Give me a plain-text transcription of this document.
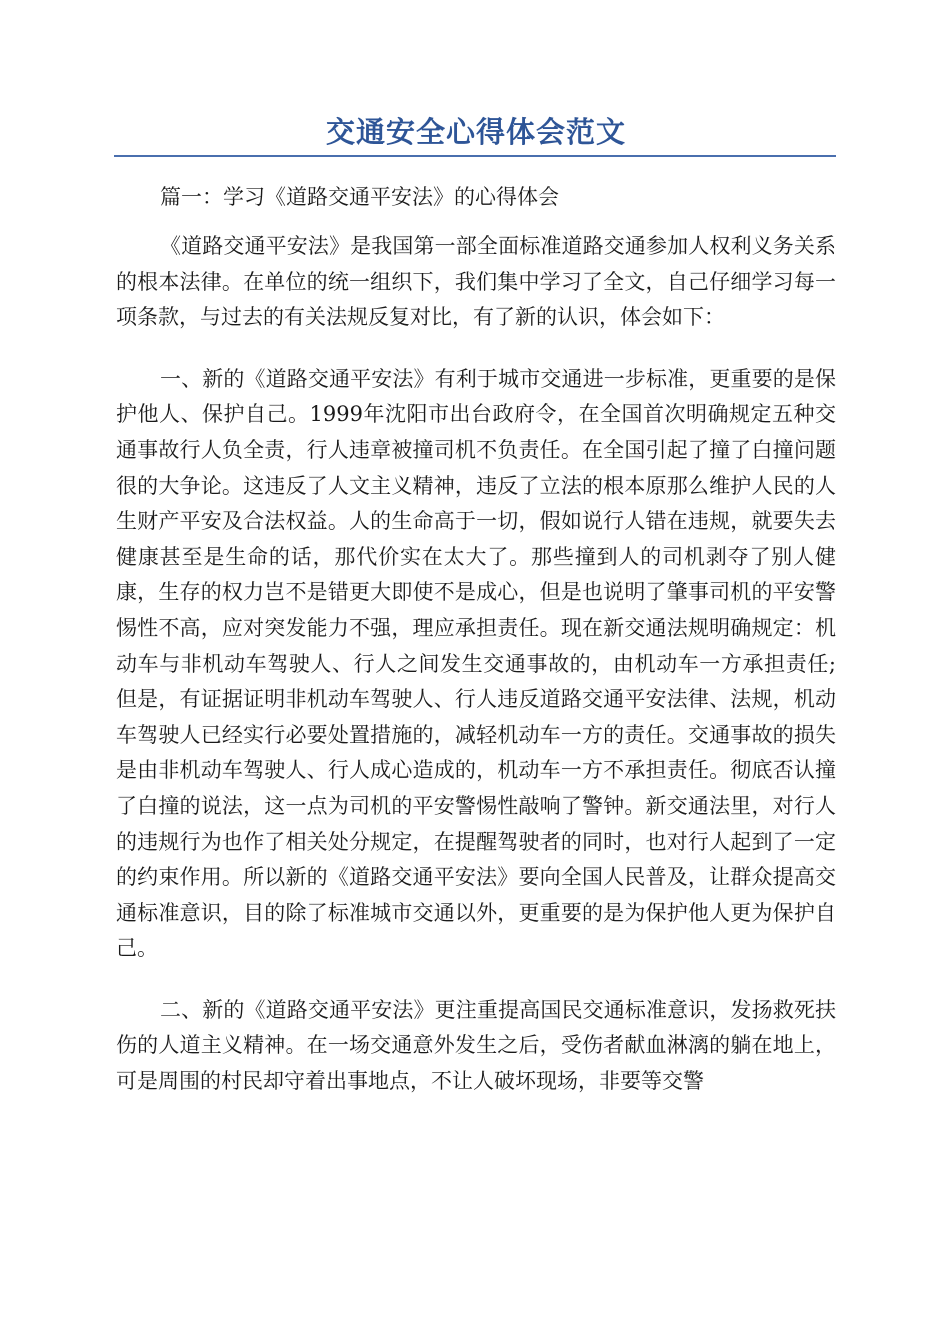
交通安全心得体会范文

篇一：学习《道路交通平安法》的心得体会

《道路交通平安法》是我国第一部全面标准道路交通参加人权利义务关系的根本法律。在单位的统一组织下，我们集中学习了全文，自己仔细学习每一项条款，与过去的有关法规反复对比，有了新的认识，体会如下：

一、新的《道路交通平安法》有利于城市交通进一步标准，更重要的是保护他人、保护自己。1999年沈阳市出台政府令，在全国首次明确规定五种交通事故行人负全责，行人违章被撞司机不负责任。在全国引起了撞了白撞问题很的大争论。这违反了人文主义精神，违反了立法的根本原那么维护人民的人生财产平安及合法权益。人的生命高于一切，假如说行人错在违规，就要失去健康甚至是生命的话，那代价实在太大了。那些撞到人的司机剥夺了别人健康，生存的权力岂不是错更大即使不是成心，但是也说明了肇事司机的平安警惕性不高，应对突发能力不强，理应承担责任。现在新交通法规明确规定：机动车与非机动车驾驶人、行人之间发生交通事故的，由机动车一方承担责任;但是，有证据证明非机动车驾驶人、行人违反道路交通平安法律、法规，机动车驾驶人已经实行必要处置措施的，减轻机动车一方的责任。交通事故的损失是由非机动车驾驶人、行人成心造成的，机动车一方不承担责任。彻底否认撞了白撞的说法，这一点为司机的平安警惕性敲响了警钟。新交通法里，对行人的违规行为也作了相关处分规定，在提醒驾驶者的同时，也对行人起到了一定的约束作用。所以新的《道路交通平安法》要向全国人民普及，让群众提高交通标准意识，目的除了标准城市交通以外，更重要的是为保护他人更为保护自己。

二、新的《道路交通平安法》更注重提高国民交通标准意识，发扬救死扶伤的人道主义精神。在一场交通意外发生之后，受伤者献血淋漓的躺在地上，可是周围的村民却守着出事地点，不让人破坏现场，非要等交警
